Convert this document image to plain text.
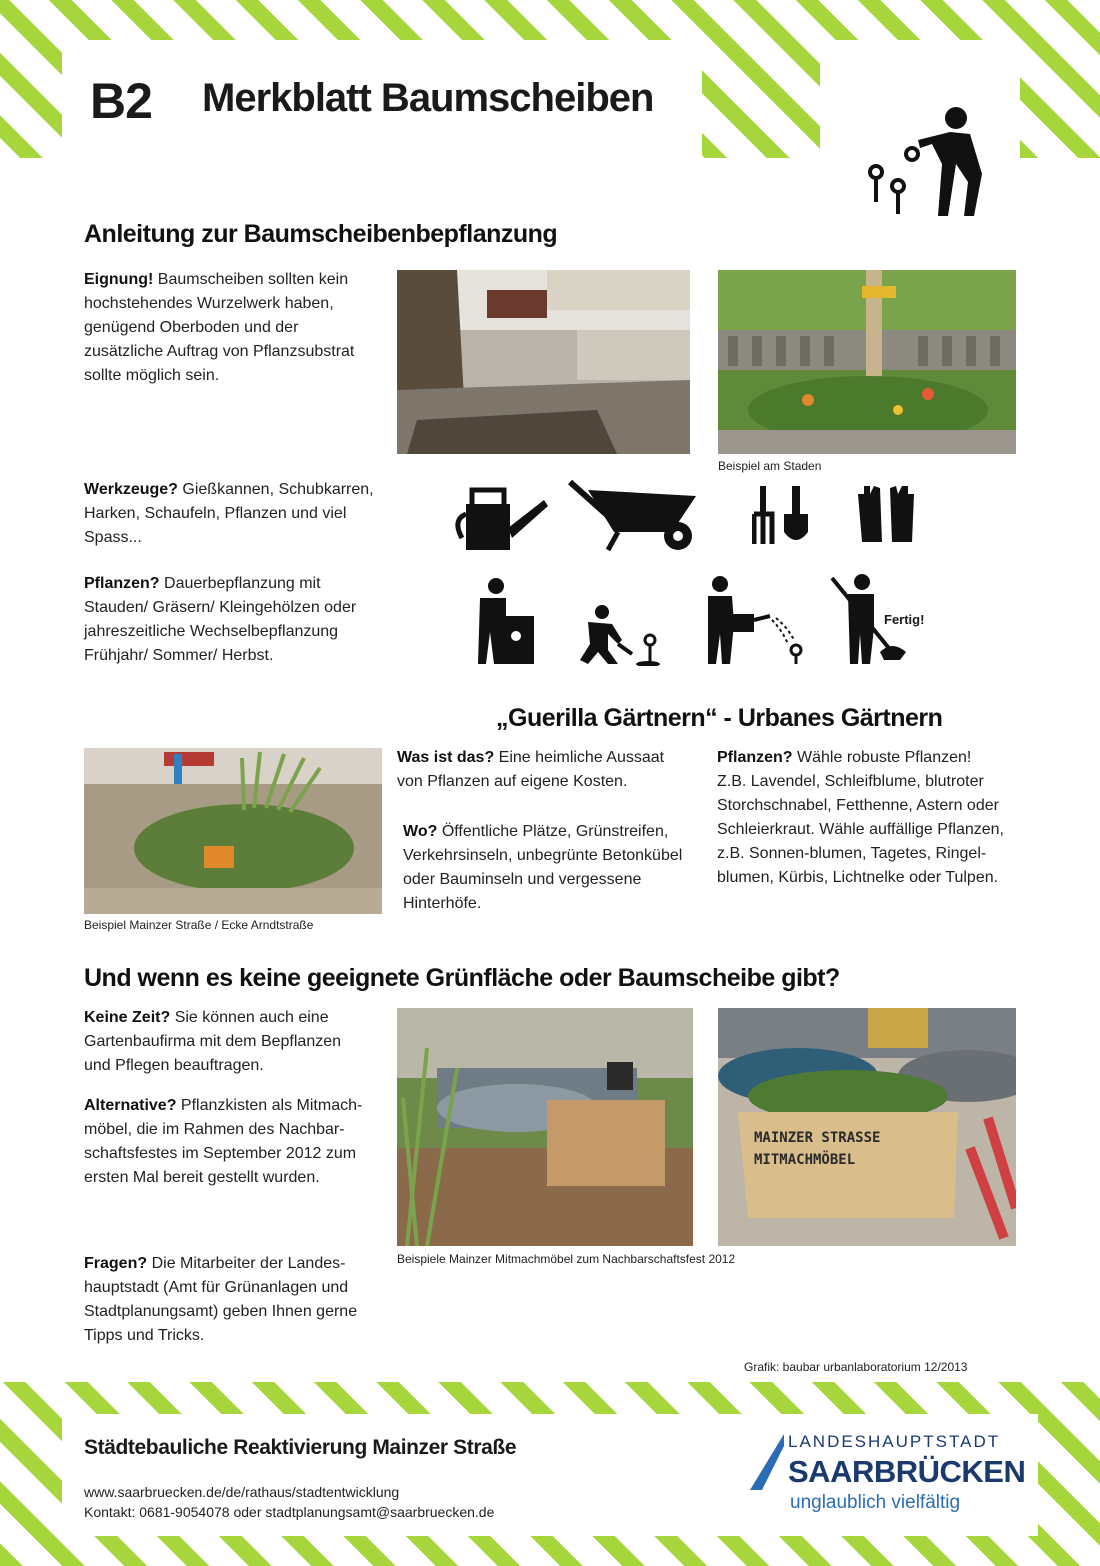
B2 Merkblatt Baumscheiben
Anleitung zur Baumscheibenbepflanzung
Eignung! Baumscheiben sollten kein
hochstehendes Wurzelwerk haben,
genügend Oberboden und der
zusätzliche Auftrag von Pflanzsubstrat
sollte möglich sein.
Beispiel am Staden
Werkzeuge? Gießkannen, Schubkarren,
Harken, Schaufeln, Pflanzen und viel
Spass...
Pflanzen? Dauerbepflanzung mit
Stauden/ Gräsern/ Kleingehölzen oder
jahreszeitliche Wechselbepflanzung
Frühjahr/ Sommer/ Herbst.
Fertig!
„Guerilla Gärtnern“ - Urbanes Gärtnern
Beispiel Mainzer Straße / Ecke Arndtstraße
Was ist das? Eine heimliche Aussaat
von Pflanzen auf eigene Kosten.
Wo? Öffentliche Plätze, Grünstreifen,
Verkehrsinseln, unbegrünte Betonkübel
oder Bauminseln und vergessene
Hinterhöfe.
Pflanzen? Wähle robuste Pflanzen!
Z.B. Lavendel, Schleifblume, blutroter
Storchschnabel, Fetthenne, Astern oder
Schleierkraut. Wähle auffällige Pflanzen,
z.B. Sonnen-blumen, Tagetes, Ringel-
blumen, Kürbis, Lichtnelke oder Tulpen.
Und wenn es keine geeignete Grünfläche oder Baumscheibe gibt?
Keine Zeit? Sie können auch eine
Gartenbaufirma mit dem Bepflanzen
und Pflegen beauftragen.
Alternative? Pflanzkisten als Mitmach-
möbel, die im Rahmen des Nachbar-
schaftsfestes im September 2012 zum
ersten Mal bereit gestellt wurden.
Fragen? Die Mitarbeiter der Landes-
hauptstadt (Amt für Grünanlagen und
Stadtplanungsamt) geben Ihnen gerne
Tipps und Tricks.
MAINZER STRASSE
MITMACHMÖBEL
Beispiele Mainzer Mitmachmöbel zum Nachbarschaftsfest 2012
Grafik: baubar urbanlaboratorium 12/2013
Städtebauliche Reaktivierung Mainzer Straße
www.saarbruecken.de/de/rathaus/stadtentwicklung
Kontakt: 0681-9054078 oder stadtplanungsamt@saarbruecken.de
LANDESHAUPTSTADT
SAARBRÜCKEN
unglaublich vielfältig
